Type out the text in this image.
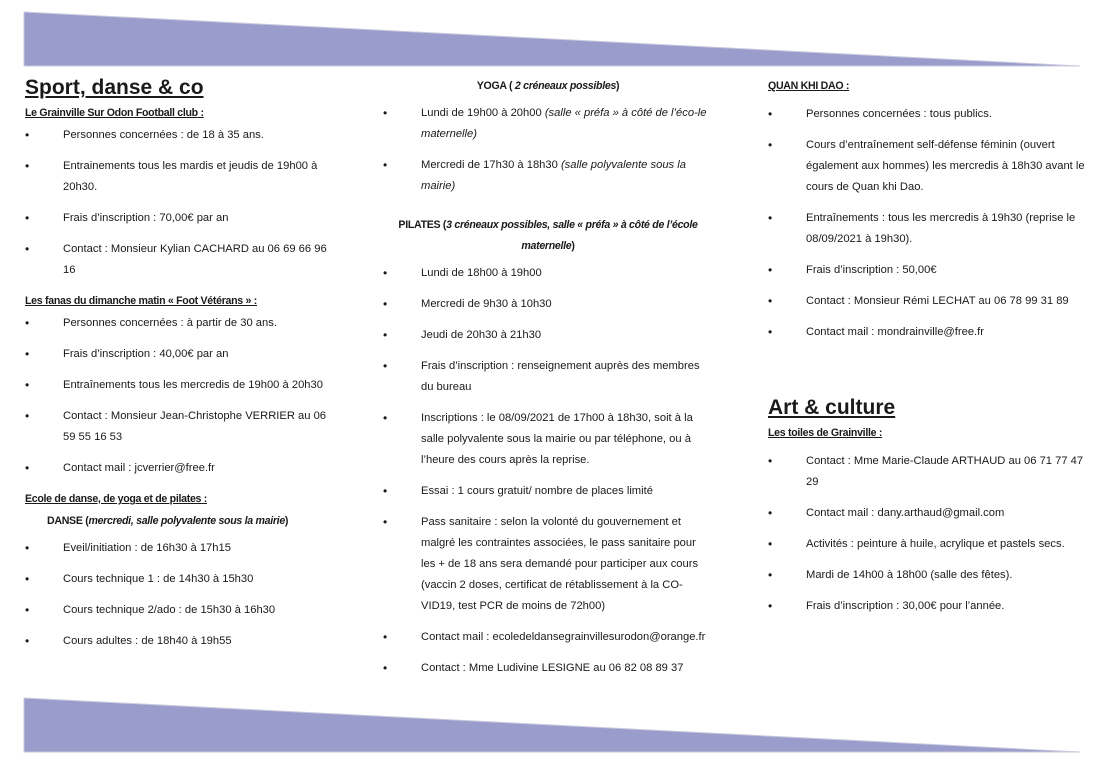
Sport, danse & co
Le Grainville Sur Odon Football club :
• Personnes concernées : de 18 à 35 ans.
• Entrainements tous les mardis et jeudis de 19h00 à 20h30.
• Frais d’inscription : 70,00€ par an
• Contact : Monsieur Kylian CACHARD au 06 69 66 96 16
Les fanas du dimanche matin « Foot Vétérans » :
• Personnes concernées : à partir de 30 ans.
• Frais d’inscription : 40,00€ par an
• Entraînements tous les mercredis de 19h00 à 20h30
• Contact : Monsieur Jean-Christophe VERRIER au 06 59 55 16 53
• Contact mail : jcverrier@free.fr
Ecole de danse, de yoga et de pilates :
DANSE (mercredi, salle polyvalente sous la mairie)
• Eveil/initiation : de 16h30 à 17h15
• Cours technique 1 : de 14h30 à 15h30
• Cours technique 2/ado : de 15h30 à 16h30
• Cours adultes : de 18h40 à 19h55
YOGA ( 2 créneaux possibles)
• Lundi de 19h00 à 20h00 (salle « préfa » à côté de l’éco-le maternelle)
• Mercredi de 17h30 à 18h30 (salle polyvalente sous la mairie)
PILATES (3 créneaux possibles, salle « préfa » à côté de l’école maternelle)
• Lundi de 18h00 à 19h00
• Mercredi de 9h30 à 10h30
• Jeudi de 20h30 à 21h30
• Frais d’inscription : renseignement auprès des membres du bureau
• Inscriptions : le 08/09/2021 de 17h00 à 18h30, soit à la salle polyvalente sous la mairie ou par téléphone, ou à l’heure des cours après la reprise.
• Essai : 1 cours gratuit/ nombre de places limité
• Pass sanitaire : selon la volonté du gouvernement et malgré les contraintes associées, le pass sanitaire pour les + de 18 ans sera demandé pour participer aux cours (vaccin 2 doses, certificat de rétablissement à la CO-VID19, test PCR de moins de 72h00)
• Contact mail : ecoledeldansegrainvillesurodon@orange.fr
• Contact : Mme Ludivine LESIGNE au 06 82 08 89 37
QUAN KHI DAO :
• Personnes concernées : tous publics.
• Cours d’entraînement self-défense féminin (ouvert également aux hommes) les mercredis à 18h30 avant le cours de Quan khi Dao.
• Entraînements : tous les mercredis à 19h30 (reprise le 08/09/2021 à 19h30).
• Frais d’inscription : 50,00€
• Contact : Monsieur Rémi LECHAT au 06 78 99 31 89
• Contact mail : mondrainville@free.fr
Art & culture
Les toiles de Grainville :
• Contact : Mme Marie-Claude ARTHAUD au 06 71 77 47 29
• Contact mail : dany.arthaud@gmail.com
• Activités : peinture à huile, acrylique et pastels secs.
• Mardi de 14h00 à 18h00 (salle des fêtes).
• Frais d’inscription : 30,00€ pour l’année.
